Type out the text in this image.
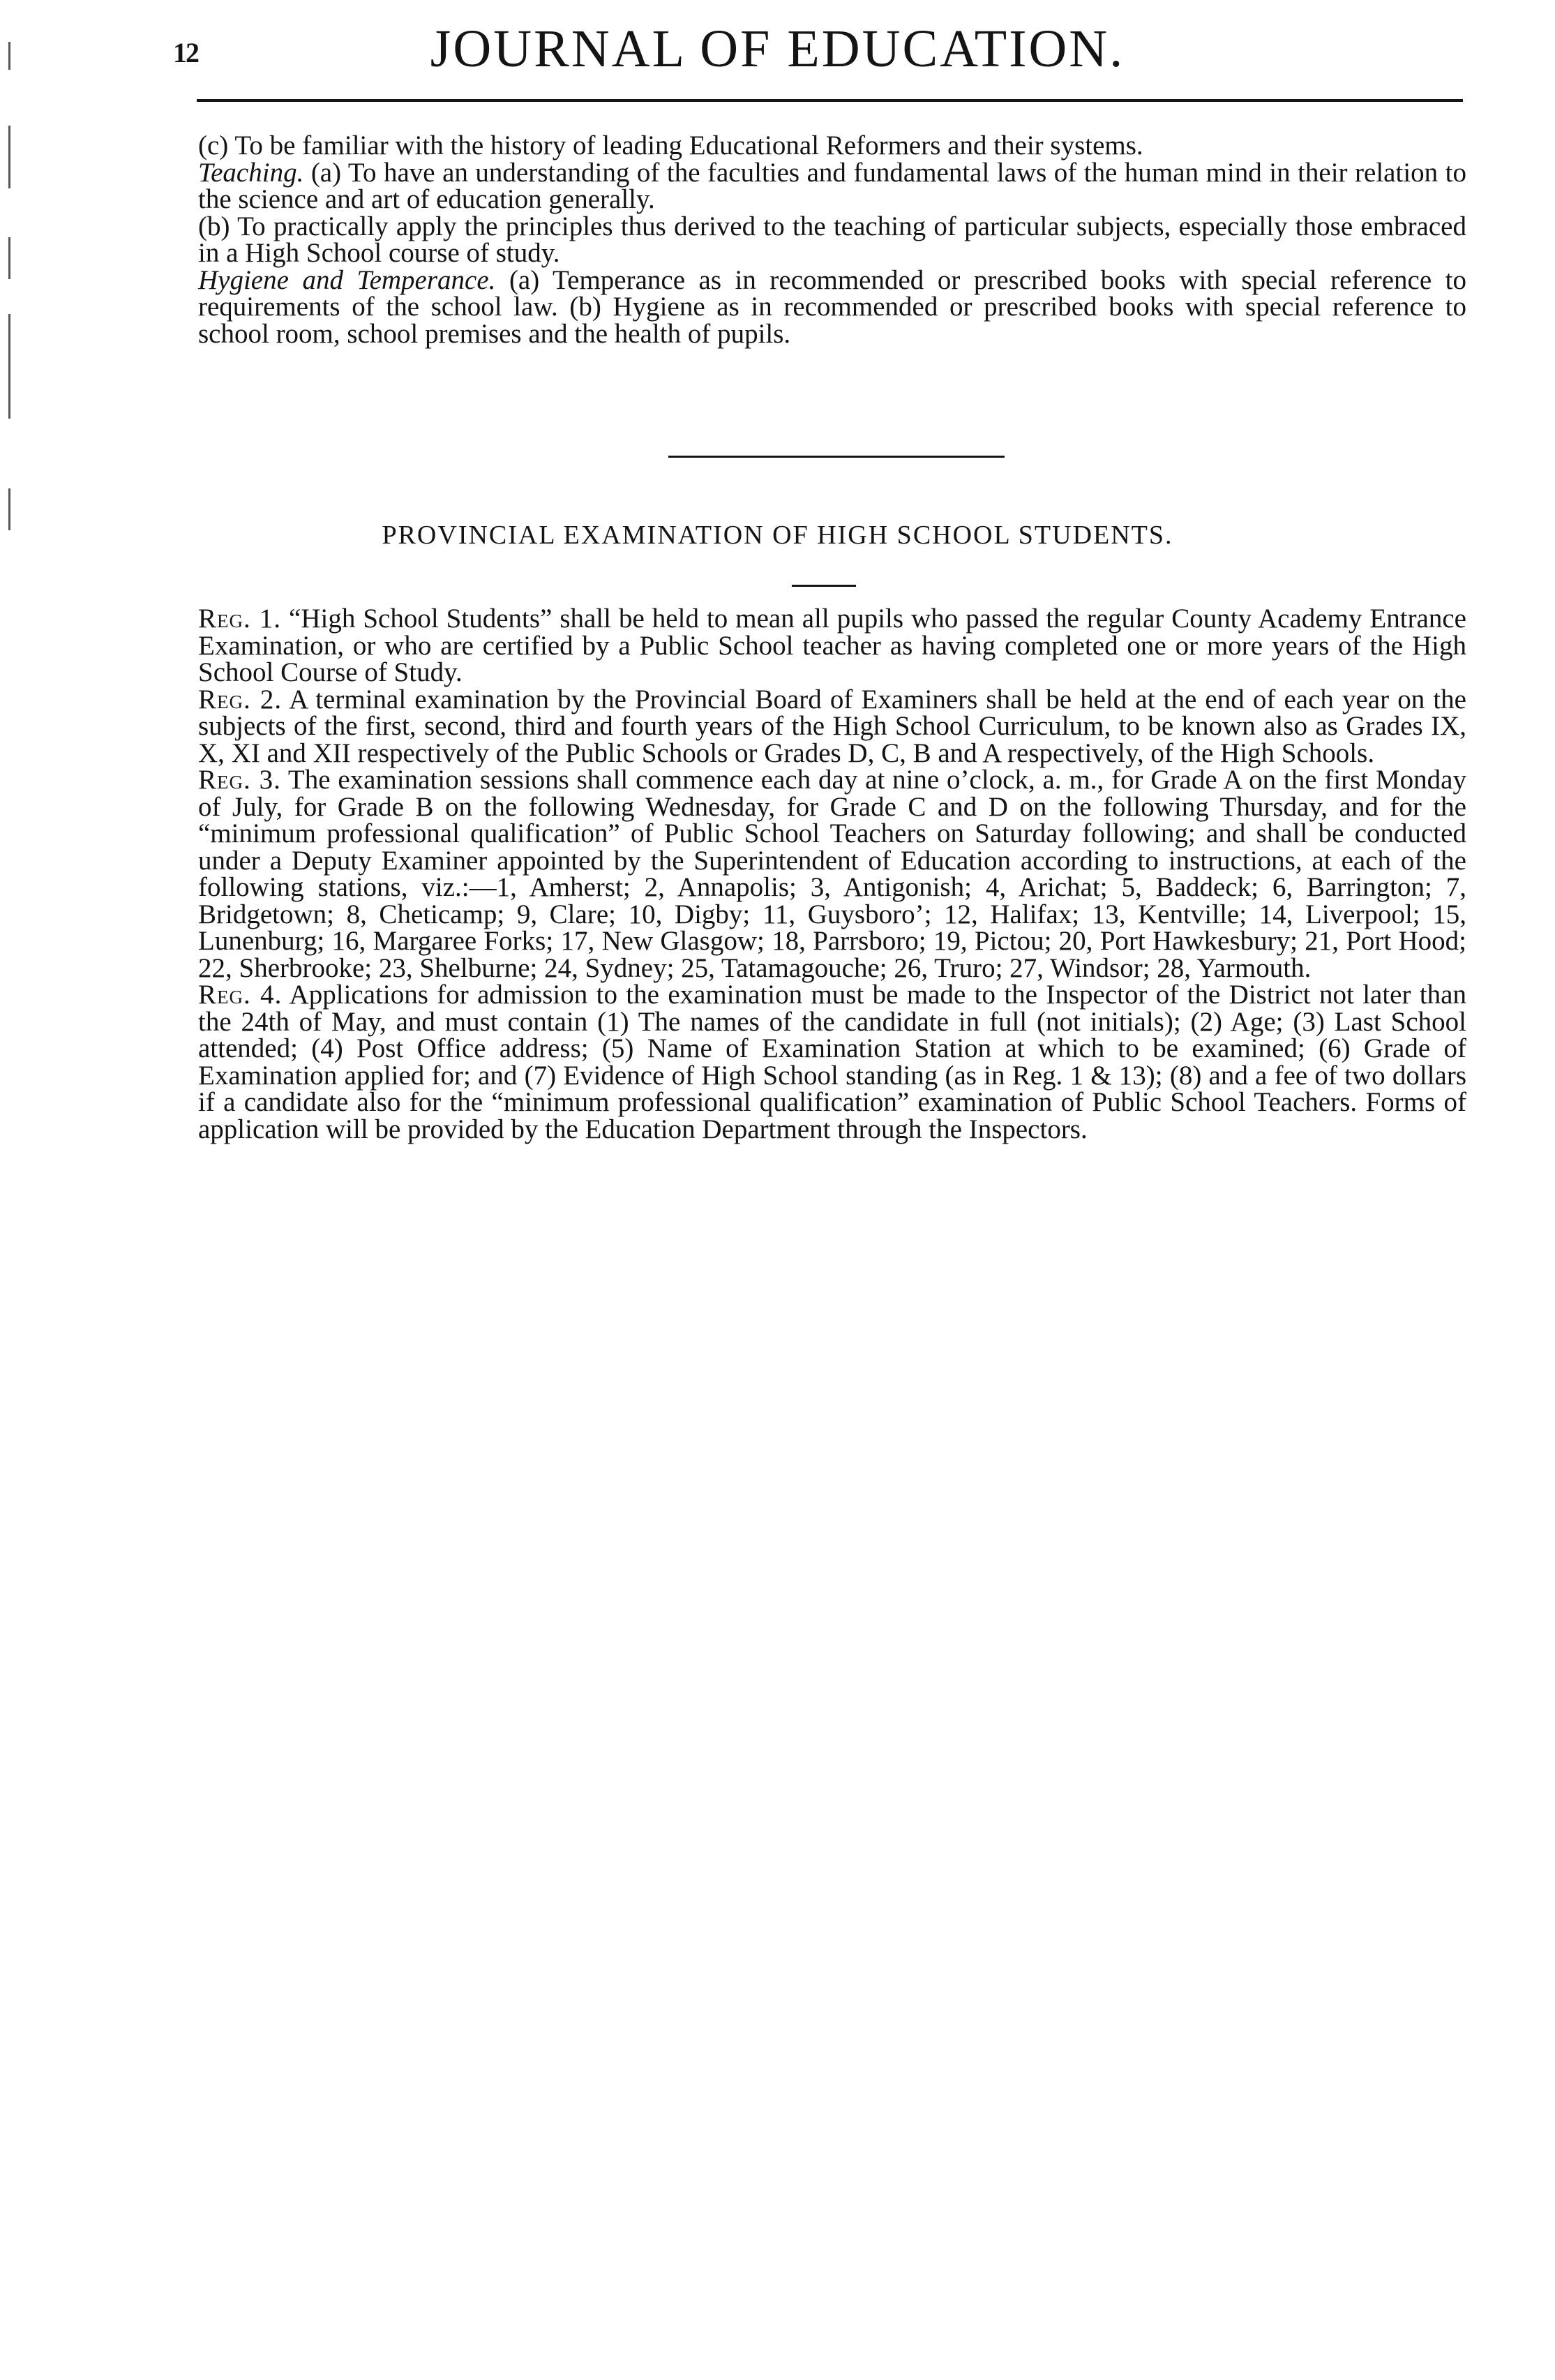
12	JOURNAL OF EDUCATION.

(c) To be familiar with the history of leading Educational Reformers and their systems.

Teaching. (a) To have an understanding of the faculties and fundamental laws of the human mind in their relation to the science and art of education generally.

(b) To practically apply the principles thus derived to the teaching of particular subjects, especially those embraced in a High School course of study.

Hygiene and Temperance. (a) Temperance as in recommended or prescribed books with special reference to requirements of the school law. (b) Hygiene as in recommended or prescribed books with special reference to school room, school premises and the health of pupils.

PROVINCIAL EXAMINATION OF HIGH SCHOOL STUDENTS.

Reg. 1. “High School Students” shall be held to mean all pupils who passed the regular County Academy Entrance Examination, or who are certified by a Public School teacher as having completed one or more years of the High School Course of Study.

Reg. 2. A terminal examination by the Provincial Board of Examiners shall be held at the end of each year on the subjects of the first, second, third and fourth years of the High School Curriculum, to be known also as Grades IX, X, XI and XII respectively of the Public Schools or Grades D, C, B and A respectively, of the High Schools.

Reg. 3. The examination sessions shall commence each day at nine o’clock, a. m., for Grade A on the first Monday of July, for Grade B on the following Wednesday, for Grade C and D on the following Thursday, and for the “minimum professional qualification” of Public School Teachers on Saturday following; and shall be conducted under a Deputy Examiner appointed by the Superintendent of Education according to instructions, at each of the following stations, viz.:—1, Amherst; 2, Annapolis; 3, Antigonish; 4, Arichat; 5, Baddeck; 6, Barrington; 7, Bridgetown; 8, Cheticamp; 9, Clare; 10, Digby; 11, Guysboro’; 12, Halifax; 13, Kentville; 14, Liverpool; 15, Lunenburg; 16, Margaree Forks; 17, New Glasgow; 18, Parrsboro; 19, Pictou; 20, Port Hawkesbury; 21, Port Hood; 22, Sherbrooke; 23, Shelburne; 24, Sydney; 25, Tatamagouche; 26, Truro; 27, Windsor; 28, Yarmouth.

Reg. 4. Applications for admission to the examination must be made to the Inspector of the District not later than the 24th of May, and must contain (1) The names of the candidate in full (not initials); (2) Age; (3) Last School attended; (4) Post Office address; (5) Name of Examination Station at which to be examined; (6) Grade of Examination applied for; and (7) Evidence of High School standing (as in Reg. 1 & 13); (8) and a fee of two dollars if a candidate also for the “minimum professional qualification” examination of Public School Teachers. Forms of application will be provided by the Education Department through the Inspectors.
